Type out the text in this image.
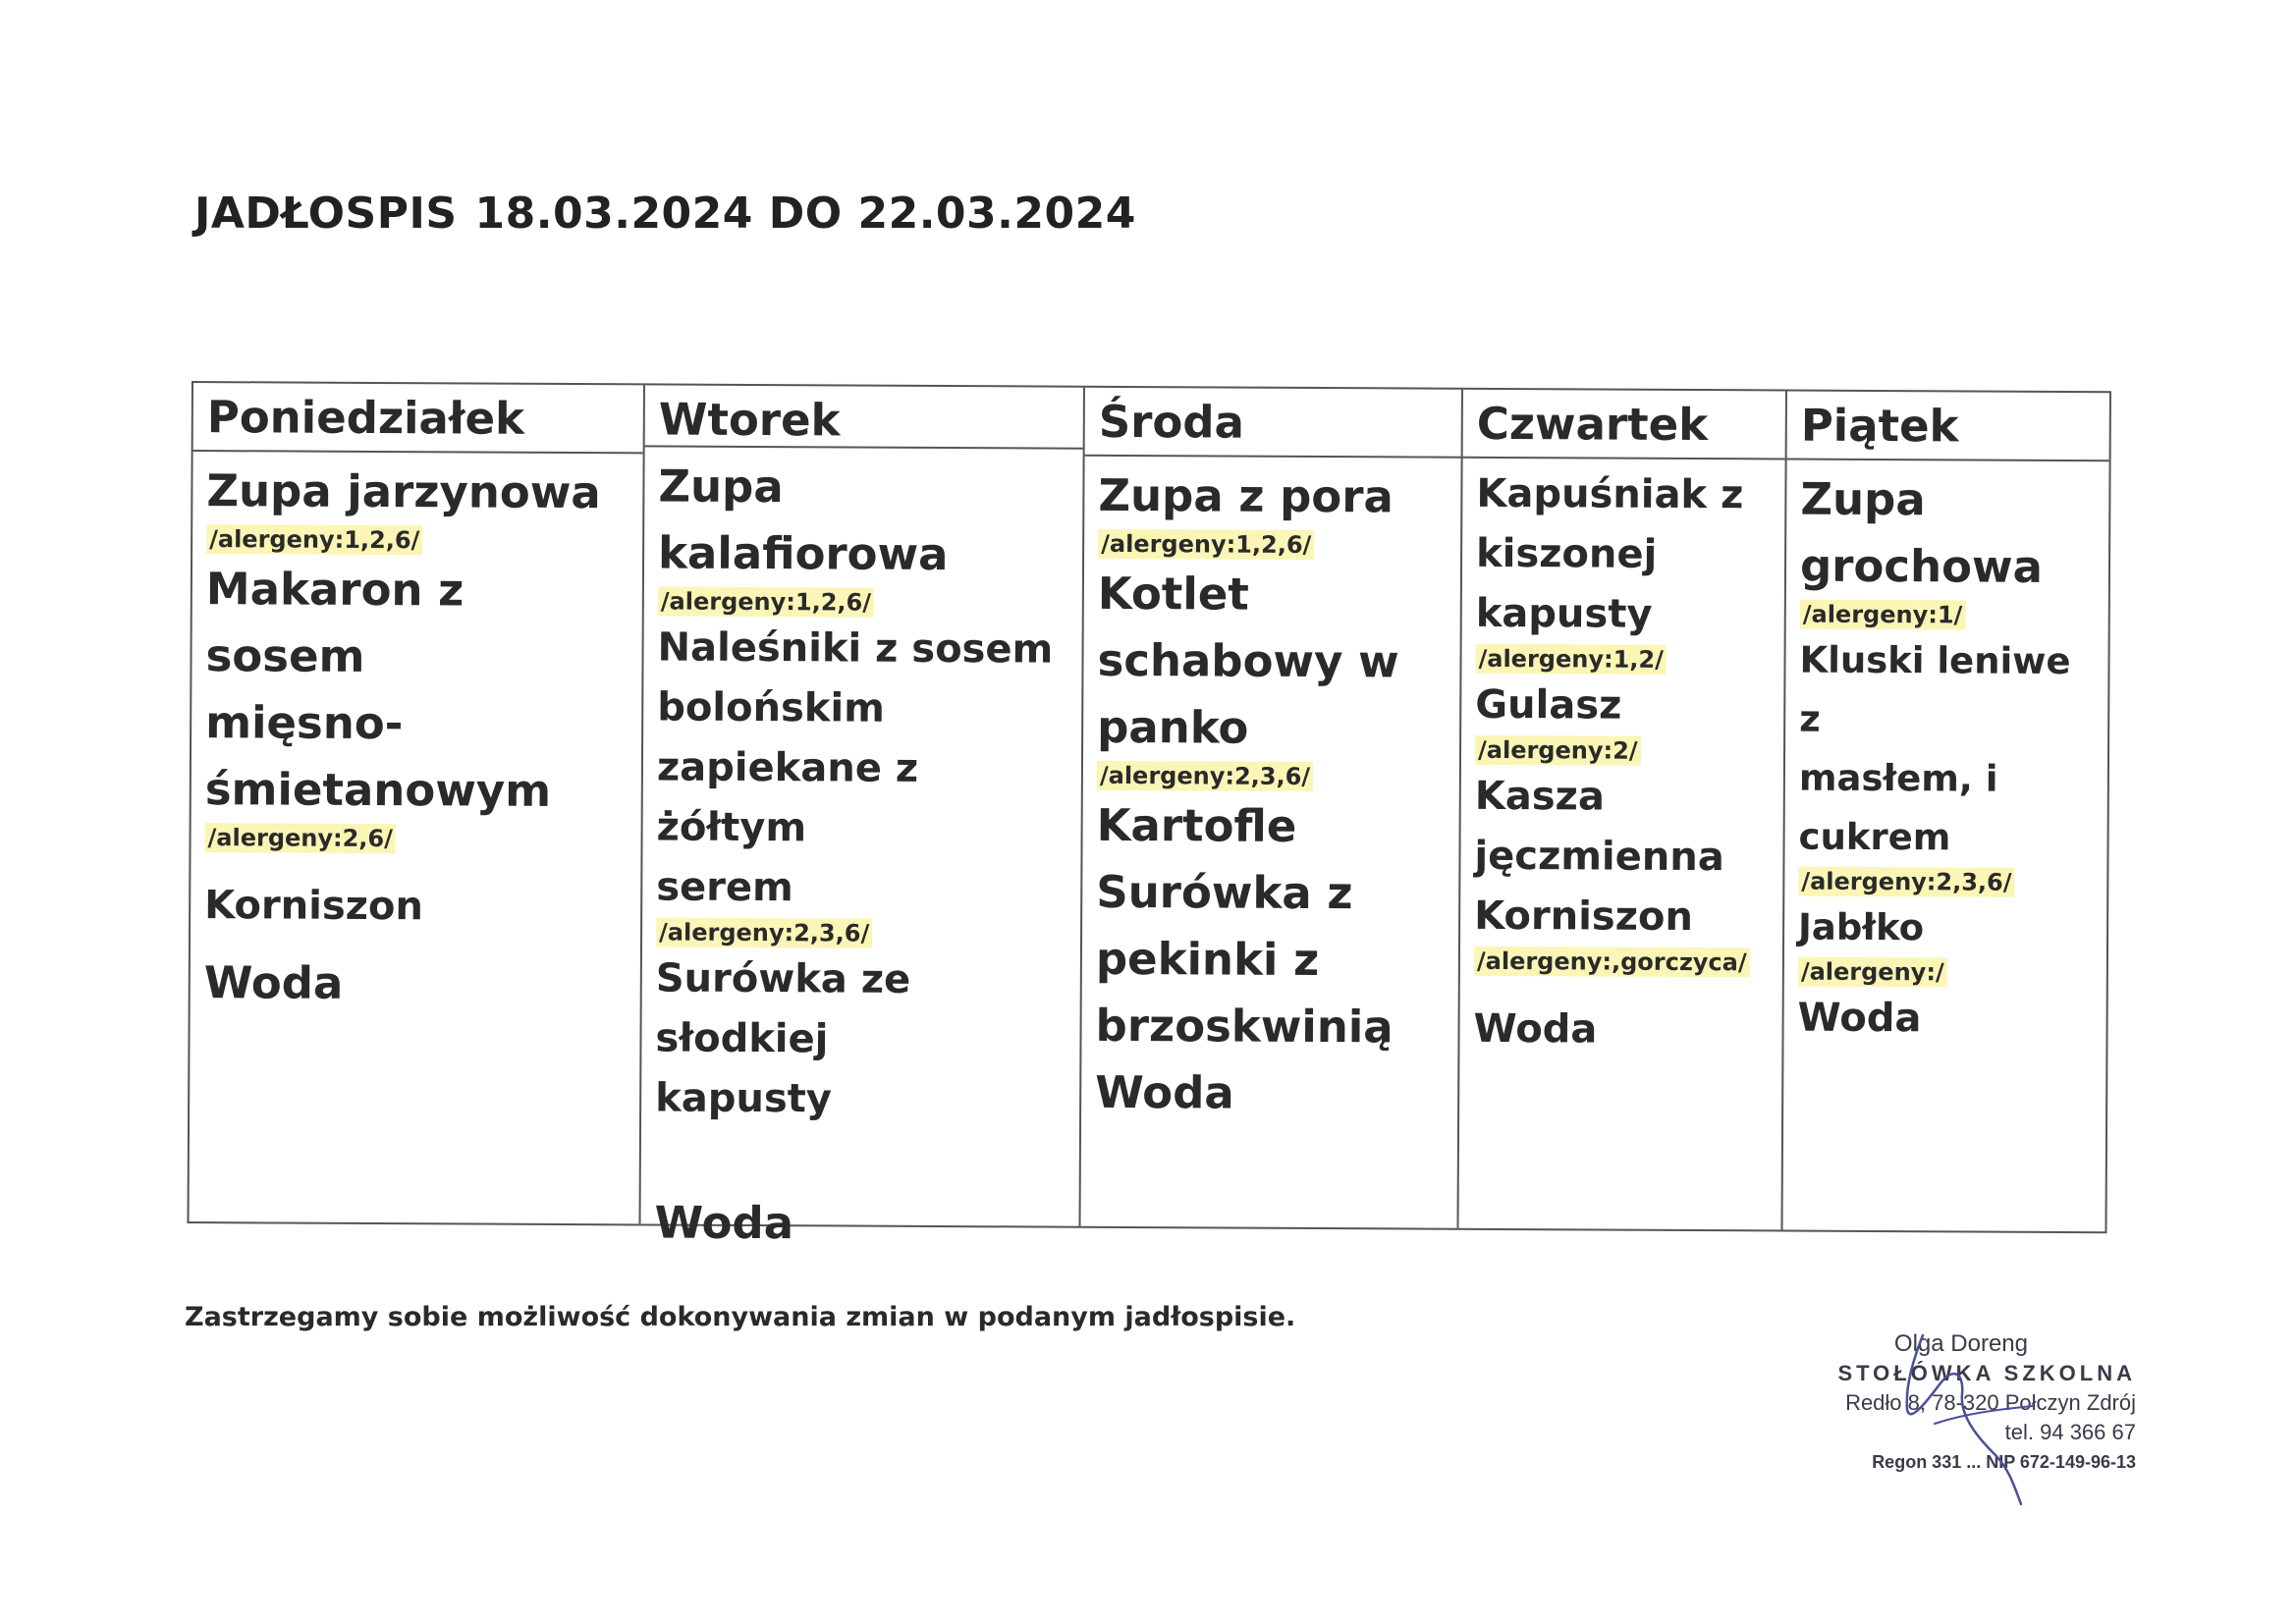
JADŁOSPIS 18.03.2024 DO 22.03.2024
Poniedziałek
Zupa jarzynowa
/alergeny:1,2,6/
Makaron z sosem
mięsno-
śmietanowym
/alergeny:2,6/
Korniszon
Woda
Wtorek
Zupa kalafiorowa
/alergeny:1,2,6/
Naleśniki z sosem
bolońskim
zapiekane z żółtym
serem
/alergeny:2,3,6/
Surówka ze słodkiej
kapusty
Woda
Środa
Zupa z pora
/alergeny:1,2,6/
Kotlet
schabowy w
panko
/alergeny:2,3,6/
Kartofle
Surówka z
pekinki z
brzoskwinią
Woda
Czwartek
Kapuśniak z
kiszonej
kapusty
/alergeny:1,2/
Gulasz
/alergeny:2/
Kasza
jęczmienna
Korniszon
/alergeny:,gorczyca/
Woda
Piątek
Zupa
grochowa
/alergeny:1/
Kluski leniwe z
masłem, i
cukrem
/alergeny:2,3,6/
Jabłko
/alergeny:/
Woda

Zastrzegamy sobie możliwość dokonywania zmian w podanym jadłospisie.

Olga Doreng
STOŁÓWKA SZKOLNA
Redło 8, 78-320 Połczyn Zdrój
tel. 94 366 67
Regon 331 ... NIP 672-149-96-13
